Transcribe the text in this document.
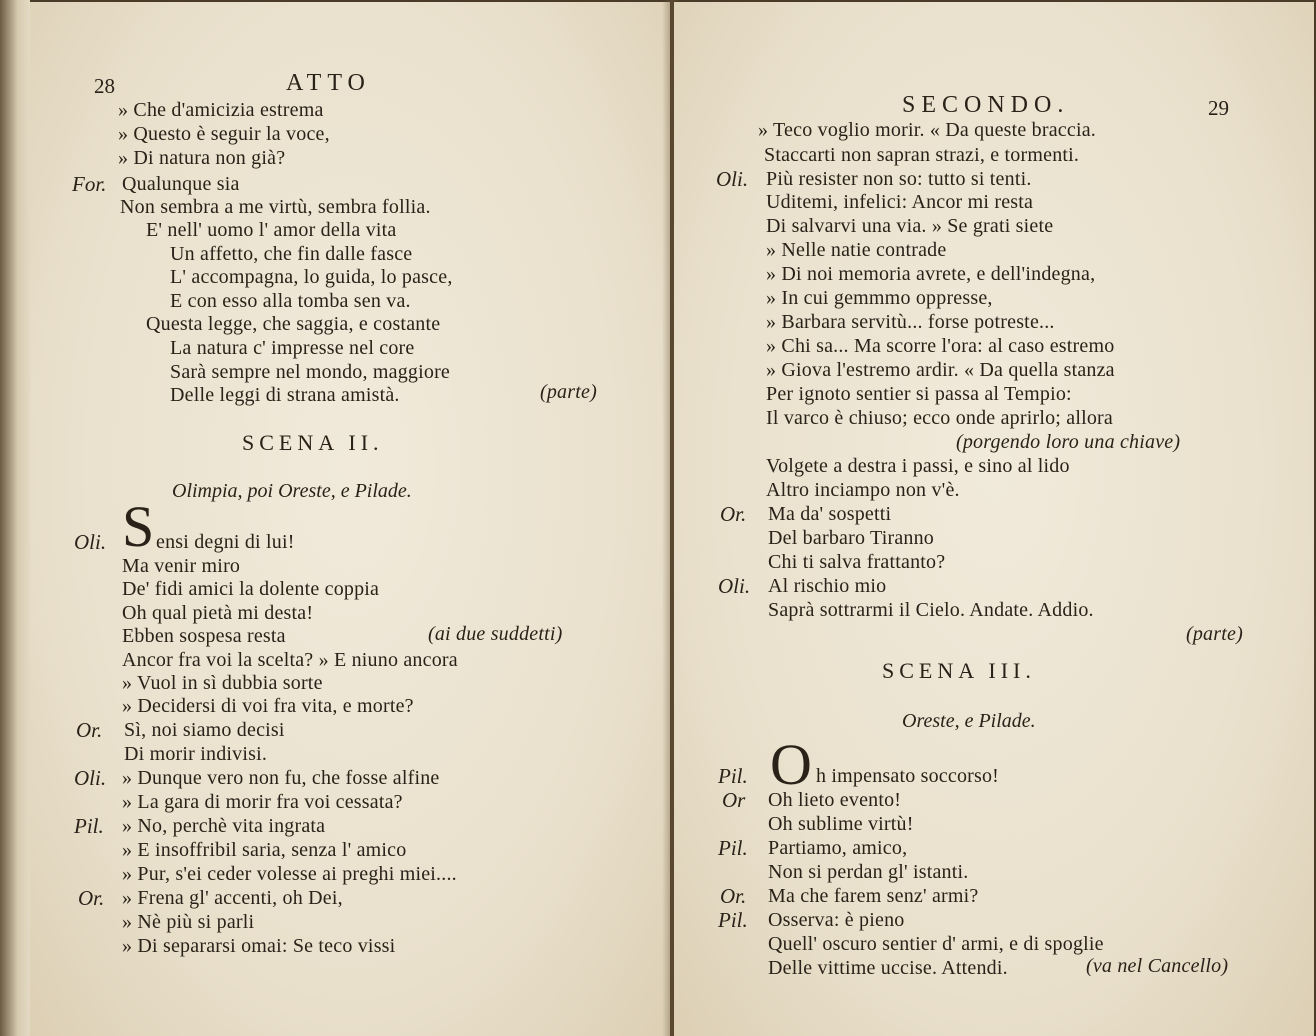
28	ATTO
» Che d'amicizia estrema
» Questo è seguir la voce,
» Di natura non già?
For. Qualunque sia
Non sembra a me virtù, sembra follia.
E' nell' uomo l' amor della vita
Un affetto, che fin dalle fasce
L' accompagna, lo guida, lo pasce,
E con esso alla tomba sen va.
Questa legge, che saggia, e costante
La natura c' impresse nel core
Sarà sempre nel mondo, maggiore
Delle leggi di strana amistà.	(parte)
SCENA II.
Olimpia, poi Oreste, e Pilade.
Oli. S ensi degni di lui!
Ma venir miro
De' fidi amici la dolente coppia
Oh qual pietà mi desta!
Ebben sospesa resta	(ai due suddetti)
Ancor fra voi la scelta? » E niuno ancora
» Vuol in sì dubbia sorte
» Decidersi di voi fra vita, e morte?
Or. Sì, noi siamo decisi
Di morir indivisi.
Oli. » Dunque vero non fu, che fosse alfine
» La gara di morir fra voi cessata?
Pil. » No, perchè vita ingrata
» E insoffribil saria, senza l' amico
» Pur, s'ei ceder volesse ai preghi miei....
Or. » Frena gl' accenti, oh Dei,
» Nè più si parli
» Di separarsi omai: Se teco vissi
SECONDO.	29
» Teco voglio morir. « Da queste braccia.
Staccarti non sapran strazi, e tormenti.
Oli. Più resister non so: tutto si tenti.
Uditemi, infelici: Ancor mi resta
Di salvarvi una via. » Se grati siete
» Nelle natie contrade
» Di noi memoria avrete, e dell'indegna,
» In cui gemmmo oppresse,
» Barbara servitù... forse potreste...
» Chi sa... Ma scorre l'ora: al caso estremo
» Giova l'estremo ardir. « Da quella stanza
Per ignoto sentier si passa al Tempio:
Il varco è chiuso; ecco onde aprirlo; allora
(porgendo loro una chiave)
Volgete a destra i passi, e sino al lido
Altro inciampo non v'è.
Or. Ma da' sospetti
Del barbaro Tiranno
Chi ti salva frattanto?
Oli. Al rischio mio
Saprà sottrarmi il Cielo. Andate. Addio.
(parte)
SCENA III.
Oreste, e Pilade.
Pil. O h impensato soccorso!
Or Oh lieto evento!
Oh sublime virtù!
Pil. Partiamo, amico,
Non si perdan gl' istanti.
Or. Ma che farem senz' armi?
Pil. Osserva: è pieno
Quell' oscuro sentier d' armi, e di spoglie
Delle vittime uccise. Attendi.	(va nel Cancello)
